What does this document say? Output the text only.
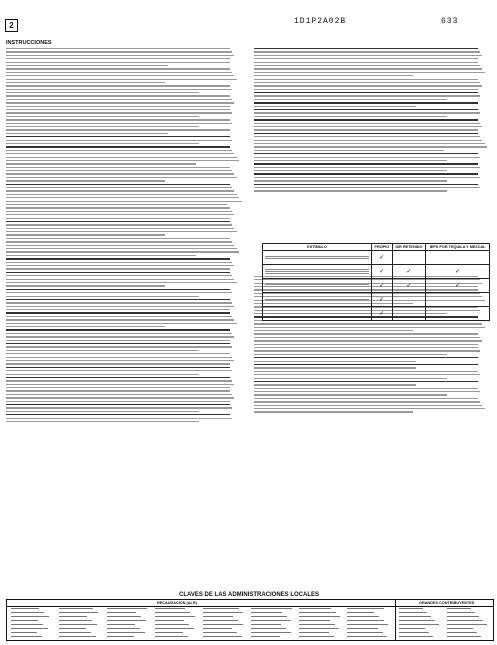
2	1D1P2A02B	633
INSTRUCCIONES
ESTÍMULO	PROPIO	ISR RETENIDO	IEPS POR TEQUILA Y MEZCAL

	✓		

	✓	✓	✓

	✓	✓	✓

	✓		

	✓		
CLAVES DE LAS ADMINISTRACIONES LOCALES
RECAUDACIÓN (ALR)	GRANDES CONTRIBUYENTES
